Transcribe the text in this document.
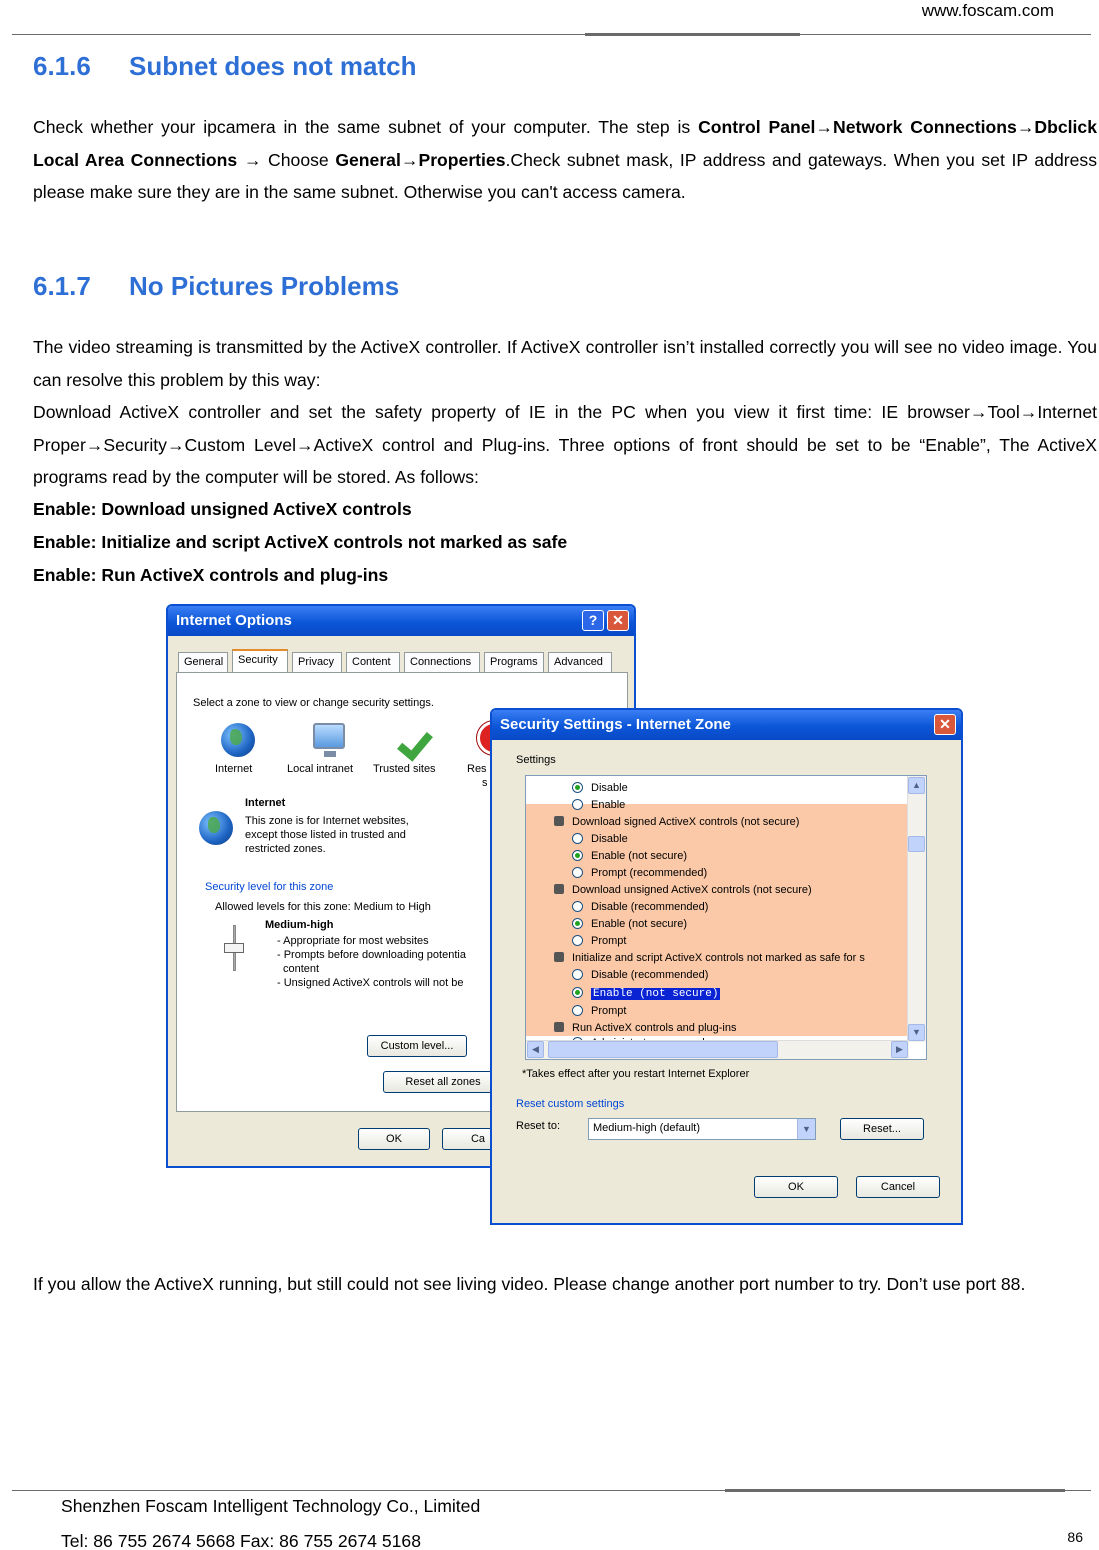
www.foscam.com
6.1.6 Subnet does not match
Check whether your ipcamera in the same subnet of your computer. The step is Control Panel→Network Connections→Dbclick Local Area Connections → Choose General→Properties.Check subnet mask, IP address and gateways. When you set IP address please make sure they are in the same subnet. Otherwise you can't access camera.
6.1.7 No Pictures Problems
The video streaming is transmitted by the ActiveX controller. If ActiveX controller isn’t installed correctly you will see no video image. You can resolve this problem by this way:
Download ActiveX controller and set the safety property of IE in the PC when you view it first time: IE browser→Tool→Internet Proper→Security→Custom Level→ActiveX control and Plug-ins. Three options of front should be set to be “Enable”, The ActiveX programs read by the computer will be stored. As follows:
Enable: Download unsigned ActiveX controls
Enable: Initialize and script ActiveX controls not marked as safe
Enable: Run ActiveX controls and plug-ins
Internet Options	?	✕
General	Security	Privacy	Content	Connections	Programs	Advanced
Select a zone to view or change security settings.
Internet	Local intranet Trusted sites	Res
s
Internet
This zone is for Internet websites,
except those listed in trusted and
restricted zones.
Security level for this zone
Allowed levels for this zone: Medium to High
Medium-high
- Appropriate for most websites
- Prompts before downloading potentia
content
- Unsigned ActiveX controls will not be
Custom level...
Reset all zones
OK	Ca
Security Settings - Internet Zone	✕
Settings
Disable
Enable
Download signed ActiveX controls (not secure)
Disable
Enable (not secure)
Prompt (recommended)
Download unsigned ActiveX controls (not secure)
Disable (recommended)
Enable (not secure)
Prompt
Initialize and script ActiveX controls not marked as safe for s
Disable (recommended)
Enable (not secure)
Prompt
Run ActiveX controls and plug-ins
▲
▼
◀	▶
*Takes effect after you restart Internet Explorer
Reset custom settings
Reset to:	Medium-high (default)	▼	Reset...
OK	Cancel
If you allow the ActiveX running, but still could not see living video. Please change another port number to try. Don’t use port 88.
Shenzhen Foscam Intelligent Technology Co., Limited
Tel: 86 755 2674 5668 Fax: 86 755 2674 5168	86
